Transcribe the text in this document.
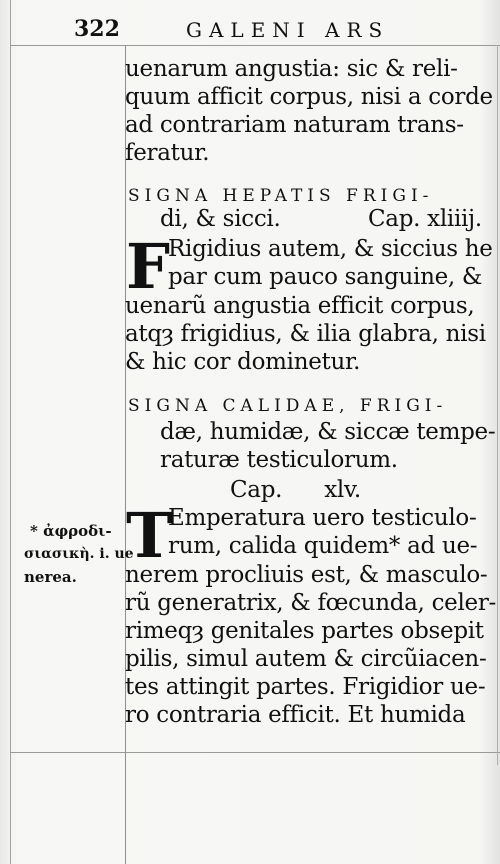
322	GALENI ARS
uenarum angustia: sic & reli-
quum afficit corpus, nisi a corde
ad contrariam naturam trans-
feratur.
SIGNA HEPATIS FRIGI-
di, & sicci.	Cap. xliiij.
F
Rigidius autem, & siccius he
par cum pauco sanguine, &
uenarũ angustia efficit corpus,
atqȝ frigidius, & ilia glabra, nisi
& hic cor dominetur.
SIGNA CALIDAE, FRIGI-
dæ, humidæ, & siccæ tempe-
raturæ testiculorum.
Cap.      xlv.
T
Emperatura uero testiculo-
rum, calida quidem* ad ue-
nerem procliuis est, & masculo-
rũ generatrix, & fœcunda, celer-
rimeqȝ genitales partes obsepit
pilis, simul autem & circũiacen-
tes attingit partes. Frigidior ue-
ro contraria efficit. Et humida
* ἀφροδι-
σιασικὴ. i. ue
nerea.
